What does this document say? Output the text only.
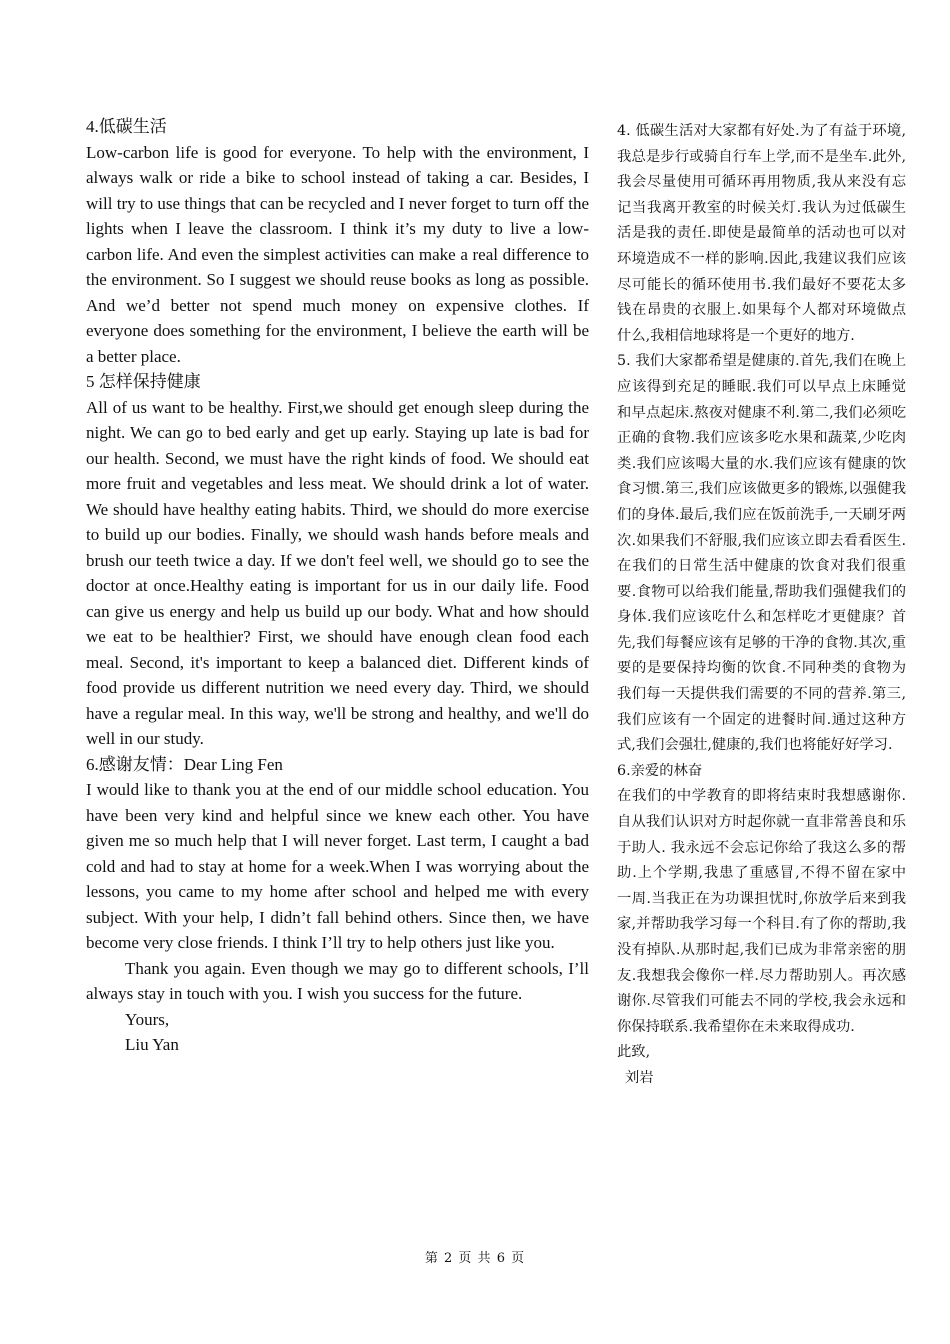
4.低碳生活

Low-carbon life is good for everyone. To help with the environment, I always walk or ride a bike to school instead of taking a car. Besides, I will try to use things that can be recycled and I never forget to turn off the lights when I leave the classroom. I think it’s my duty to live a low-carbon life. And even the simplest activities can make a real difference to the environment. So I suggest we should reuse books as long as possible. And we’d better not spend much money on expensive clothes. If everyone does something for the environment, I believe the earth will be a better place.

5 怎样保持健康

All of us want to be healthy. First,we should get enough sleep during the night. We can go to bed early and get up early. Staying up late is bad for our health. Second, we must have the right kinds of food. We should eat more fruit and vegetables and less meat. We should drink a lot of water. We should have healthy eating habits. Third, we should do more exercise to build up our bodies. Finally, we should wash hands before meals and brush our teeth twice a day. If we don't feel well, we should go to see the doctor at once.Healthy eating is important for us in our daily life. Food can give us energy and help us build up our body. What and how should we eat to be healthier? First, we should have enough clean food each meal. Second, it's important to keep a balanced diet. Different kinds of food provide us different nutrition we need every day. Third, we should have a regular meal. In this way, we'll be strong and healthy, and we'll do well in our study.

6.感谢友情：Dear Ling Fen

I would like to thank you at the end of our middle school education. You have been very kind and helpful since we knew each other. You have given me so much help that I will never forget. Last term, I caught a bad cold and had to stay at home for a week.When I was worrying about the lessons, you came to my home after school and helped me with every subject. With your help, I didn’t fall behind others. Since then, we have become very close friends. I think I’ll try to help others just like you.

Thank you again. Even though we may go to different schools, I’ll always stay in touch with you. I wish you success for the future.

Yours,

Liu Yan

4. 低碳生活对大家都有好处.为了有益于环境,我总是步行或骑自行车上学,而不是坐车.此外,我会尽量使用可循环再用物质,我从来没有忘记当我离开教室的时候关灯.我认为过低碳生活是我的责任.即使是最简单的活动也可以对环境造成不一样的影响.因此,我建议我们应该尽可能长的循环使用书.我们最好不要花太多钱在昂贵的衣服上.如果每个人都对环境做点什么,我相信地球将是一个更好的地方.

5. 我们大家都希望是健康的.首先,我们在晚上应该得到充足的睡眠.我们可以早点上床睡觉和早点起床.熬夜对健康不利.第二,我们必须吃正确的食物.我们应该多吃水果和蔬菜,少吃肉类.我们应该喝大量的水.我们应该有健康的饮食习惯.第三,我们应该做更多的锻炼,以强健我们的身体.最后,我们应在饭前洗手,一天刷牙两次.如果我们不舒服,我们应该立即去看看医生. 在我们的日常生活中健康的饮食对我们很重要.食物可以给我们能量,帮助我们强健我们的身体.我们应该吃什么和怎样吃才更健康？首先,我们每餐应该有足够的干净的食物.其次,重要的是要保持均衡的饮食.不同种类的食物为我们每一天提供我们需要的不同的营养.第三,我们应该有一个固定的进餐时间.通过这种方式,我们会强壮,健康的,我们也将能好好学习.

6.亲爱的林奋

在我们的中学教育的即将结束时我想感谢你.自从我们认识对方时起你就一直非常善良和乐于助人. 我永远不会忘记你给了我这么多的帮助.上个学期,我患了重感冒,不得不留在家中 一周.当我正在为功课担忧时,你放学后来到我家,并帮助我学习每一个科目.有了你的帮助,我没有掉队.从那时起,我们已成为非常亲密的朋友.我想我会像你一样.尽力帮助别人。再次感谢你.尽管我们可能去不同的学校,我会永远和你保持联系.我希望你在未来取得成功.

此致,

刘岩

第 2 页 共 6 页
